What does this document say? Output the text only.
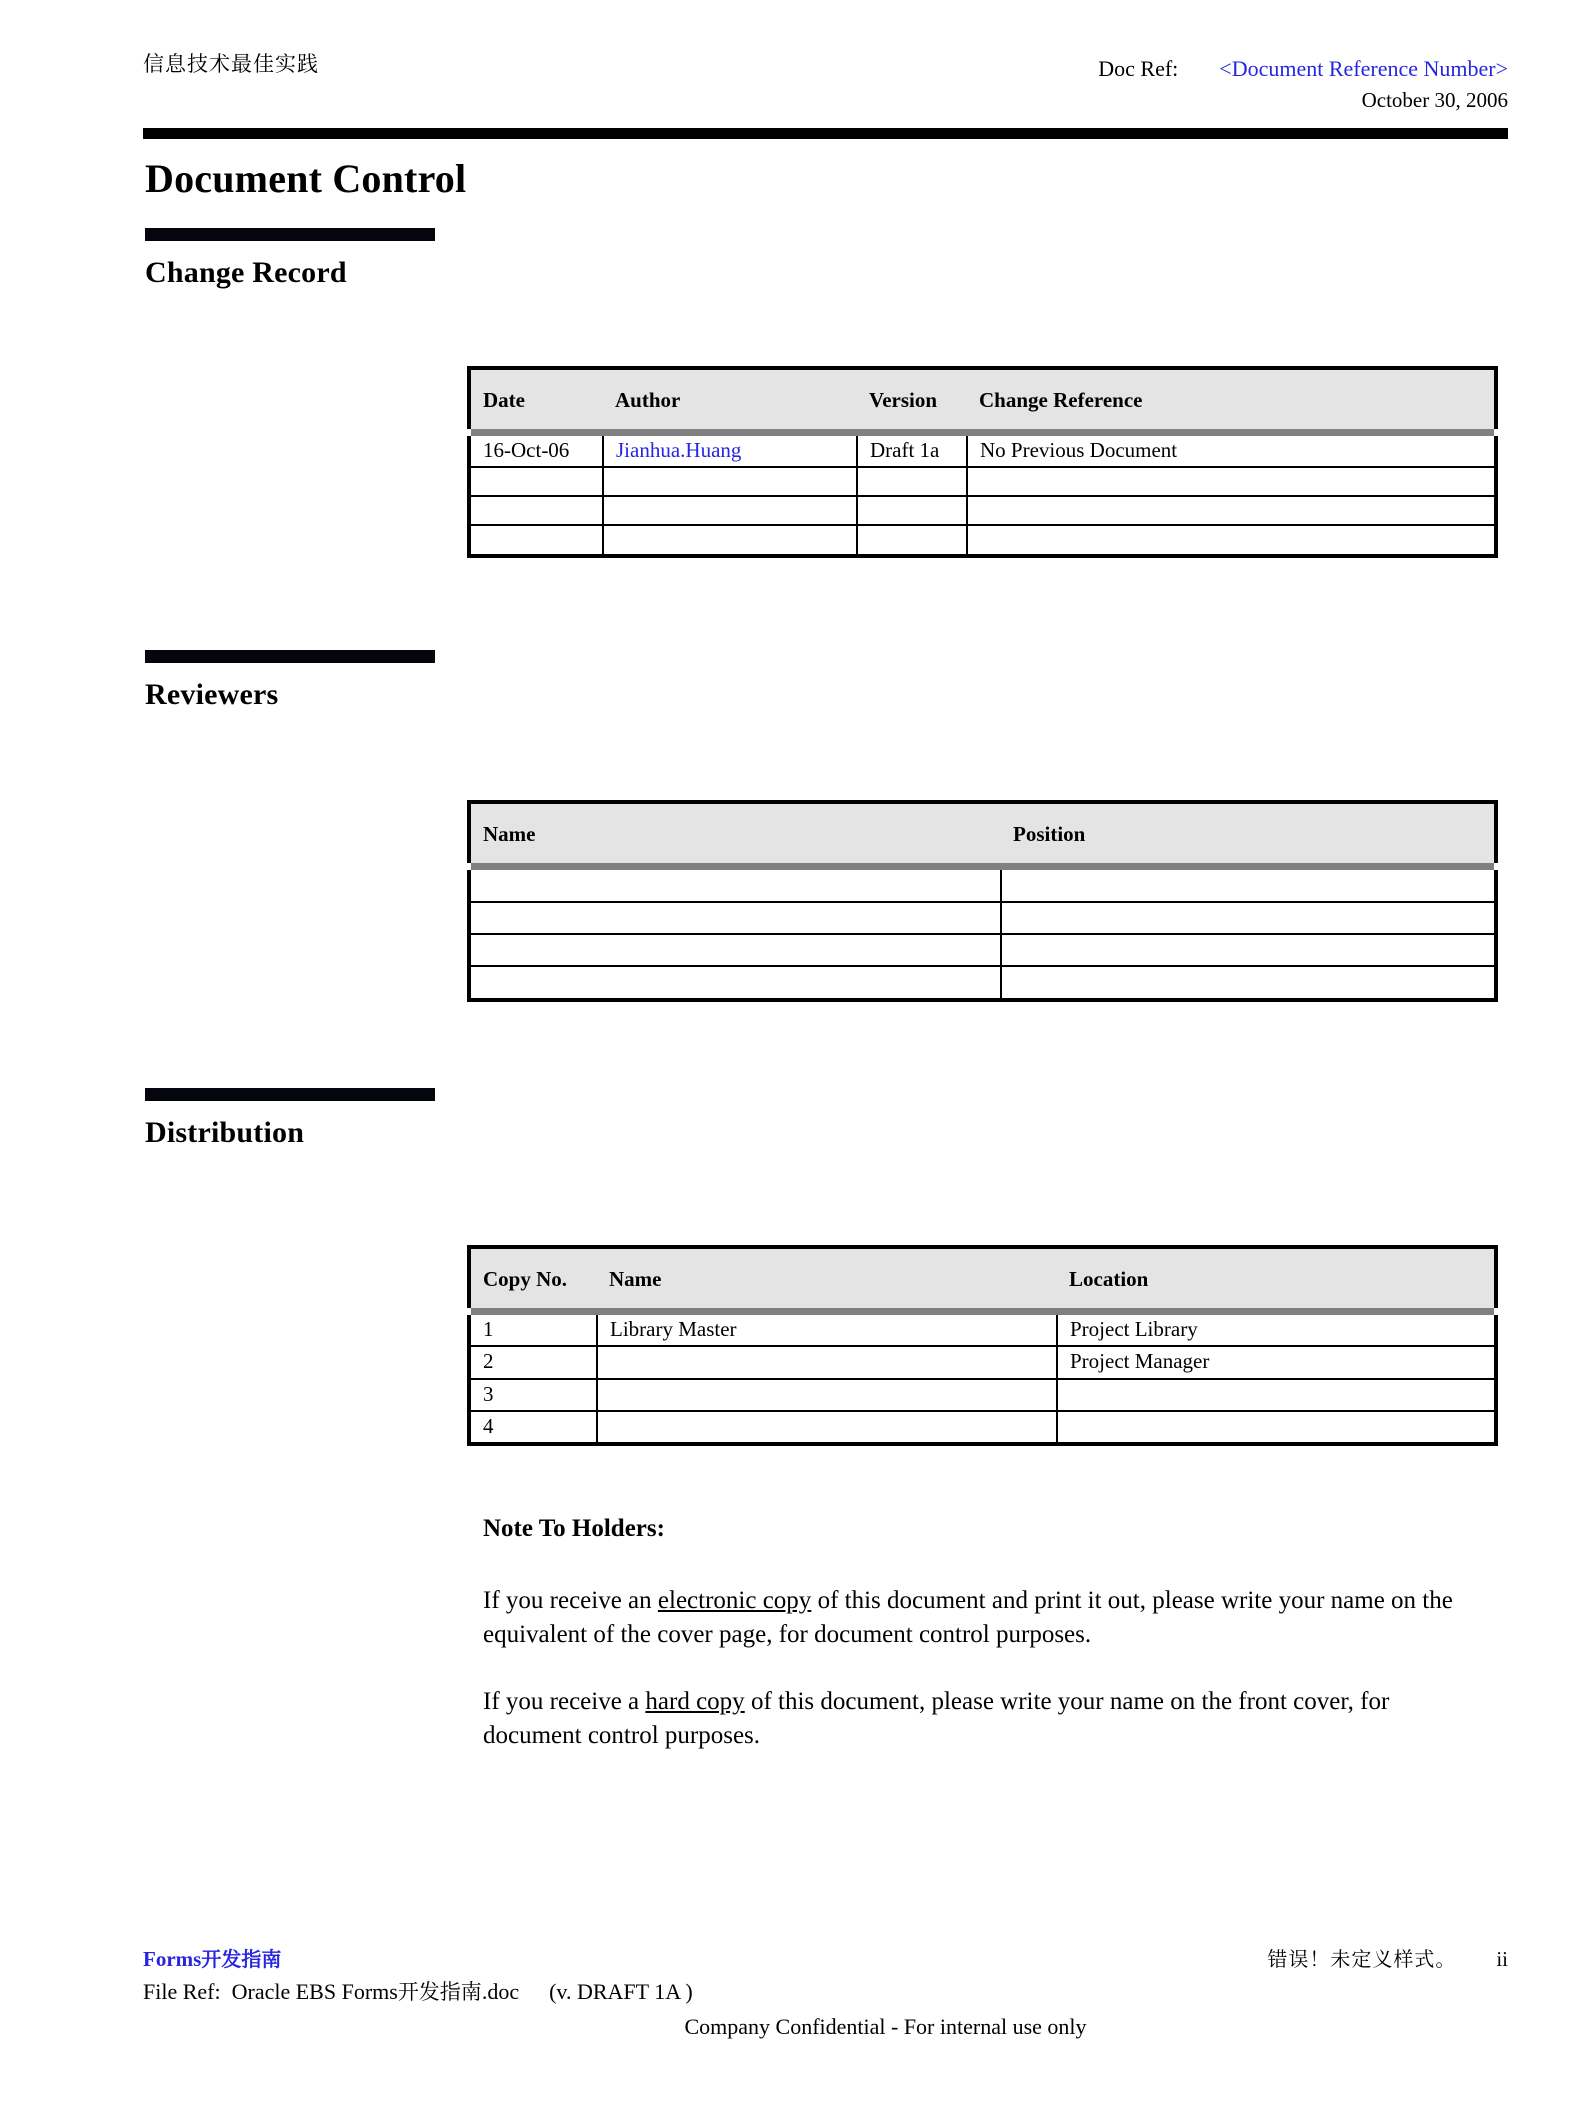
信息技术最佳实践	Doc Ref: <Document Reference Number>
October 30, 2006
Document Control
Change Record
Date	Author	Version	Change Reference
16-Oct-06	Jianhua.Huang	Draft 1a	No Previous Document

Reviewers
Name	Position

Distribution
Copy No.	Name	Location
1	Library Master	Project Library
2		Project Manager
3		
4		

Note To Holders:

If you receive an electronic copy of this document and print it out, please write your name on the equivalent of the cover page, for document control purposes.

If you receive a hard copy of this document, please write your name on the front cover, for document control purposes.

Forms开发指南	错误！未定义样式。 ii
File Ref: Oracle EBS Forms开发指南.doc (v. DRAFT 1A )
Company Confidential - For internal use only
